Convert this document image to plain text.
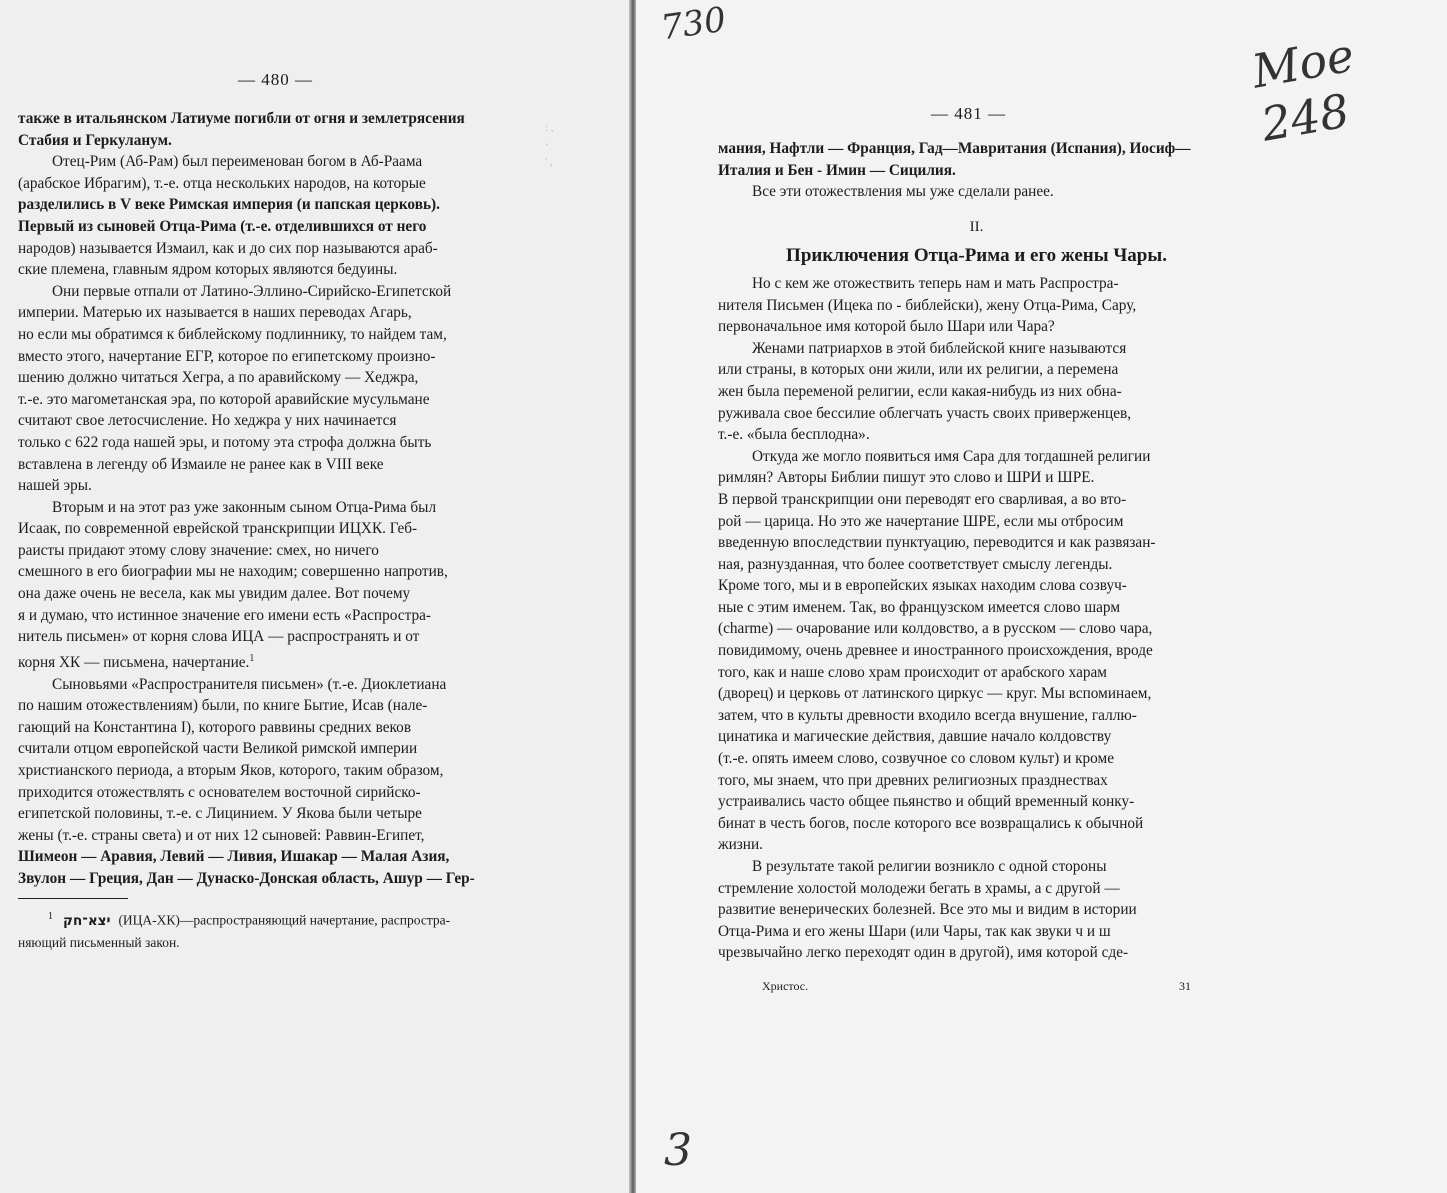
— 480 —

также в итальянском Латиуме погибли от огня и землетрясения
Стабия и Геркуланум.

Отец-Рим (Аб-Рам) был переименован богом в Аб-Раама
(арабское Ибрагим), т.-е. отца нескольких народов, на которые
разделились в V веке Римская империя (и папская церковь).
Первый из сыновей Отца-Рима (т.-е. отделившихся от него
народов) называется Измаил, как и до сих пор называются араб-
ские племена, главным ядром которых являются бедуины.

Они первые отпали от Латино-Эллино-Сирийско-Египетской
империи. Матерью их называется в наших переводах Агарь,
но если мы обратимся к библейскому подлиннику, то найдем там,
вместо этого, начертание ЕГР, которое по египетскому произно-
шению должно читаться Хегра, а по аравийскому — Хеджра,
т.-е. это магометанская эра, по которой аравийские мусульмане
считают свое летосчисление. Но хеджра у них начинается
только с 622 года нашей эры, и потому эта строфа должна быть
вставлена в легенду об Измаиле не ранее как в VIII веке
нашей эры.

Вторым и на этот раз уже законным сыном Отца-Рима был
Исаак, по современной еврейской транскрипции ИЦХК. Геб-
раисты придают этому слову значение: смех, но ничего
смешного в его биографии мы не находим; совершенно напротив,
она даже очень не весела, как мы увидим далее. Вот почему
я и думаю, что истинное значение его имени есть «Распростра-
нитель письмен» от корня слова ИЦА — распространять и от
корня ХК — письмена, начертание.$^1$

Сыновьями «Распространителя письмен» (т.-е. Диоклетиана
по нашим отожествлениям) были, по книге Бытие, Исав (нале-
гающий на Константина I), которого раввины средних веков
считали отцом европейской части Великой римской империи
христианского периода, а вторым Яков, которого, таким образом,
приходится отожествлять с основателем восточной сирийско-
египетской половины, т.-е. с Лицинием. У Якова были четыре
жены (т.-е. страны света) и от них 12 сыновей: Раввин-Египет,
Шимеон — Аравия, Левий — Ливия, Ишакар — Малая Азия,
Звулон — Греция, Дан — Дунаско-Донская область, Ашур — Гер-

$^1$ יצא־חק (ИЦА-ХК)—распространяющий начертание, распростра-
няющий письменный закон.
: ,
·
' ,
730
Moe 248
— 481 —

мания, Нафтли — Франция, Гад—Мавритания (Испания), Иосиф—
Италия и Бен - Имин — Сицилия.

Все эти отожествления мы уже сделали ранее.

II.
Приключения Отца-Рима и его жены Чары.

Но с кем же отожествить теперь нам и мать Распростра-
нителя Письмен (Ицека по - библейски), жену Отца-Рима, Сару,
первоначальное имя которой было Шари или Чара?

Женами патриархов в этой библейской книге называются
или страны, в которых они жили, или их религии, а перемена
жен была переменой религии, если какая-нибудь из них обна-
руживала свое бессилие облегчать участь своих приверженцев,
т.-е. «была бесплодна».

Откуда же могло появиться имя Сара для тогдашней религии
римлян? Авторы Библии пишут это слово и ШРИ и ШРЕ.
В первой транскрипции они переводят его сварливая, а во вто-
рой — царица. Но это же начертание ШРЕ, если мы отбросим
введенную впоследствии пунктуацию, переводится и как развязан-
ная, разнузданная, что более соответствует смыслу легенды.
Кроме того, мы и в европейских языках находим слова созвуч-
ные с этим именем. Так, во французском имеется слово шарм
(charme) — очарование или колдовство, а в русском — слово чара,
повидимому, очень древнее и иностранного происхождения, вроде
того, как и наше слово храм происходит от арабского харам
(дворец) и церковь от латинского циркус — круг. Мы вспоминаем,
затем, что в культы древности входило всегда внушение, галлю-
цинатика и магические действия, давшие начало колдовству
(т.-е. опять имеем слово, созвучное со словом культ) и кроме
того, мы знаем, что при древних религиозных празднествах
устраивались часто общее пьянство и общий временный конку-
бинат в честь богов, после которого все возвращались к обычной
жизни.

В результате такой религии возникло с одной стороны
стремление холостой молодежи бегать в храмы, а с другой —
развитие венерических болезней. Все это мы и видим в истории
Отца-Рима и его жены Шари (или Чары, так как звуки ч и ш
чрезвычайно легко переходят один в другой), имя которой сде-

Христос.	31
3
